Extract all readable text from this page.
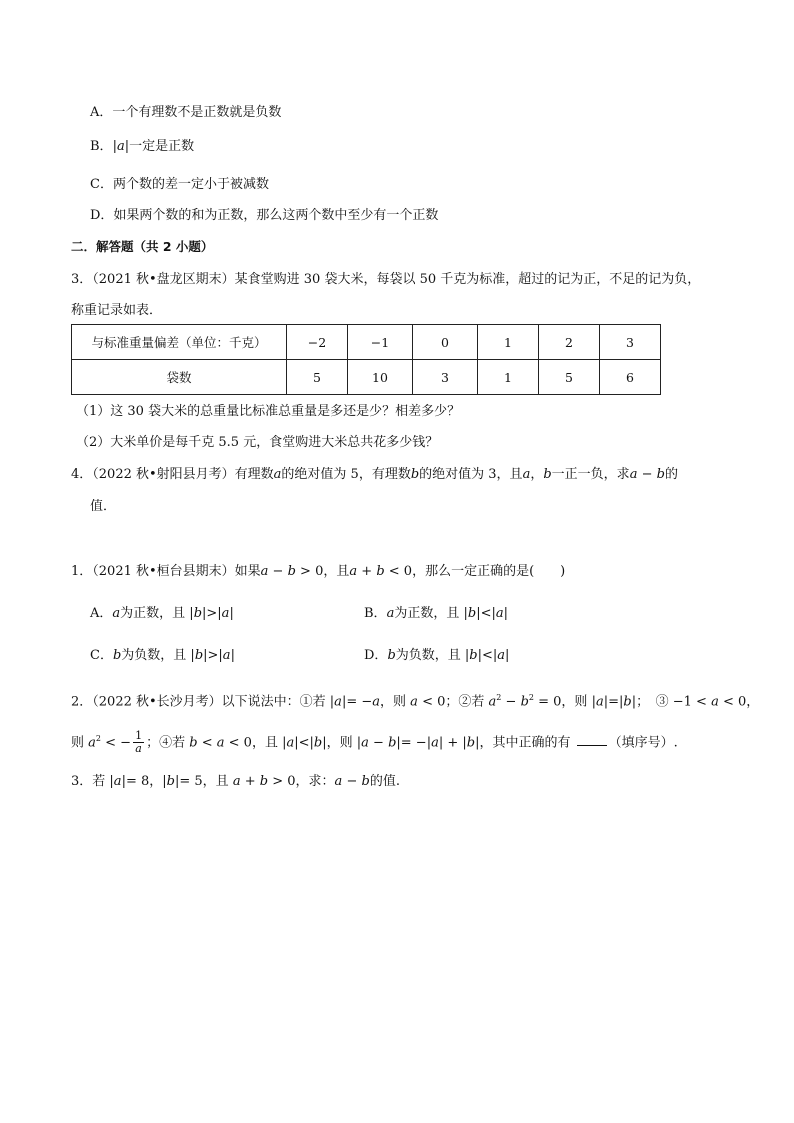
A．一个有理数不是正数就是负数
B．|a|一定是正数
C．两个数的差一定小于被减数
D．如果两个数的和为正数，那么这两个数中至少有一个正数
二．解答题（共 2 小题）
3．（2021 秋•盘龙区期末）某食堂购进 30 袋大米，每袋以 50 千克为标准，超过的记为正，不足的记为负，
称重记录如表．
与标准重量偏差（单位：千克）	−2	−1	0	1	2	3
袋数	5	10	3	1	5	6
（1）这 30 袋大米的总重量比标准总重量是多还是少？相差多少？
（2）大米单价是每千克 5.5 元，食堂购进大米总共花多少钱？
4．（2022 秋•射阳县月考）有理数a的绝对值为 5，有理数b的绝对值为 3，且a，b一正一负，求a − b的
值．
1．（2021 秋•桓台县期末）如果a − b > 0，且a + b < 0，那么一定正确的是(　　)
A．a为正数，且 |b|>|a|	B．a为正数，且 |b|<|a|
C．b为负数，且 |b|>|a|	D．b为负数，且 |b|<|a|
2．（2022 秋•长沙月考）以下说法中：①若 |a|= −a，则 a < 0；②若 $a^2 - b^2 = 0$，则 |a|=|b|；　③ −1 < a < 0，
则 $a^2$ < − $\frac{1}{a}$ ；④若 b < a < 0，且 |a|<|b|，则 |a − b|= −|a| + |b|，其中正确的有	（填序号）.
3．若 |a|= 8，|b|= 5，且 a + b > 0，求：a − b的值.
